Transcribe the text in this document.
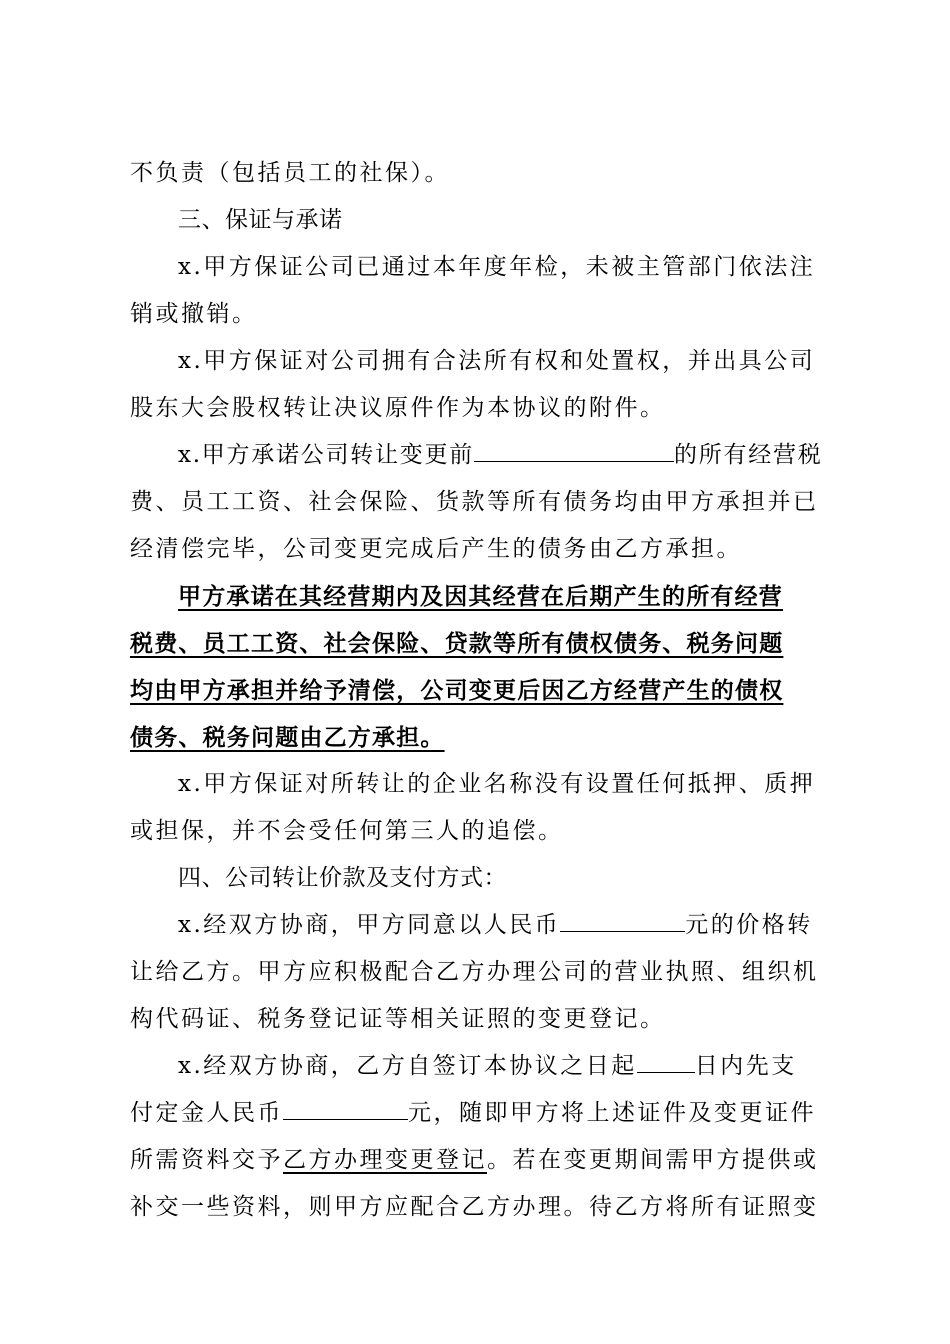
不负责（包括员工的社保）。
三、保证与承诺
x.甲方保证公司已通过本年度年检，未被主管部门依法注
销或撤销。
x.甲方保证对公司拥有合法所有权和处置权，并出具公司
股东大会股权转让决议原件作为本协议的附件。
x.甲方承诺公司转让变更前	的所有经营税
费、员工工资、社会保险、货款等所有债务均由甲方承担并已
经清偿完毕，公司变更完成后产生的债务由乙方承担。
甲方承诺在其经营期内及因其经营在后期产生的所有经营
税费、员工工资、社会保险、贷款等所有债权债务、税务问题
均由甲方承担并给予清偿，公司变更后因乙方经营产生的债权
债务、税务问题由乙方承担。
x.甲方保证对所转让的企业名称没有设置任何抵押、质押
或担保，并不会受任何第三人的追偿。
四、公司转让价款及支付方式：
x.经双方协商，甲方同意以人民币	元的价格转
让给乙方。甲方应积极配合乙方办理公司的营业执照、组织机
构代码证、税务登记证等相关证照的变更登记。
x.经双方协商，乙方自签订本协议之日起	日内先支
付定金人民币	元，随即甲方将上述证件及变更证件
所需资料交予乙方办理变更登记。若在变更期间需甲方提供或
补交一些资料，则甲方应配合乙方办理。待乙方将所有证照变
